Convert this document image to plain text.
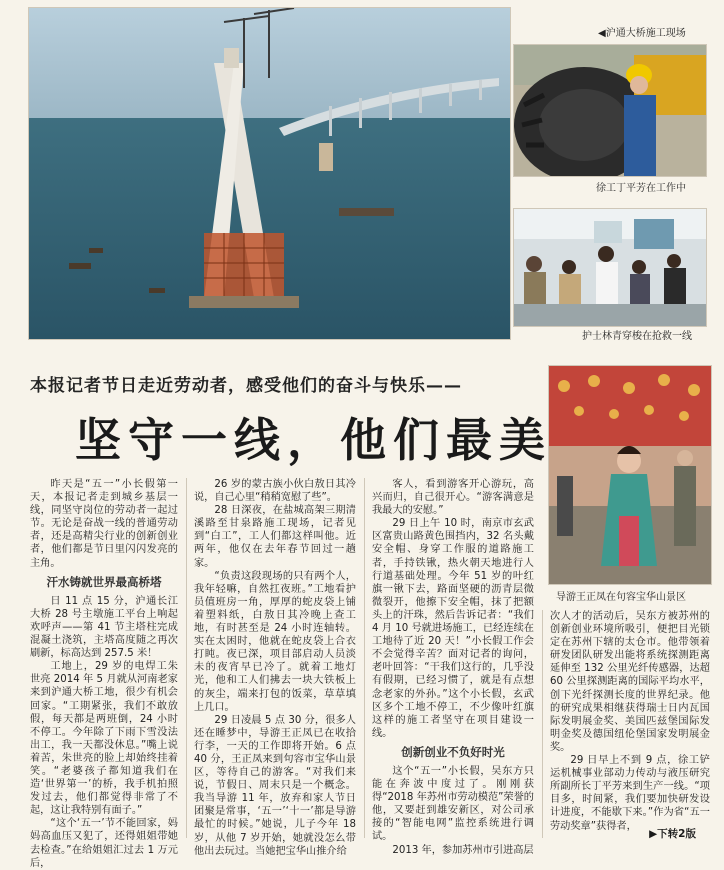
◀沪通大桥施工现场
徐工丁平芳在工作中
护士林青穿梭在抢救一线
导游王正凤在句容宝华山景区
本报记者节日走近劳动者，感受他们的奋斗与快乐——
坚守一线，他们最美

昨天是“五一”小长假第一天，本报记者走到城乡基层一线，同坚守岗位的劳动者一起过节。无论是奋战一线的普通劳动者，还是高精尖行业的创新创业者，他们都是节日里闪闪发亮的主角。

汗水铸就世界最高桥塔

日 11 点 15 分，沪通长江大桥 28 号主墩施工平台上响起欢呼声——第 41 节主塔柱完成混凝土浇筑，主塔高度随之再次刷新，标高达到 257.5 米！

工地上，29 岁的电焊工朱世亮 2014 年 5 月就从河南老家来到沪通大桥工地，很少有机会回家。“工期紧张，我们不敢放假，每天都是两班倒，24 小时不停工。今年除了下雨下雪没法出工，我一天都没休息。”嘴上说着苦，朱世亮的脸上却始终挂着笑。“老婆孩子都知道我们在造‘世界第一’的桥，我手机拍照发过去，他们都觉得非常了不起，这让我特别有面子。”

“这个‘五一’节不能回家，妈妈高血压又犯了，还得姐姐带她去检查。”在给姐姐汇过去 1 万元后，

26 岁的蒙古族小伙白敖日其冷说，自己心里“稍稍宽慰了些”。

28 日深夜，在盐城高架三期清溪路至甘泉路施工现场，记者见到“白工”，工人们都这样叫他。近两年，他仅在去年春节回过一趟家。

“负责这段现场的只有两个人，我年轻嘛，自然扛夜班。”工地看护员值班房一角，厚厚的蛇皮袋上铺着塑料纸，白敖日其冷晚上查工地，有时甚至是 24 小时连轴转。实在太困时，他就在蛇皮袋上合衣打盹。夜已深，项目部启动人员淡未的夜宵早已冷了。就着工地灯光，他和工人们拂去一块大铁板上的灰尘，端来打包的饭菜，草草填上几口。

29 日凌晨 5 点 30 分，很多人还在睡梦中，导游王正凤已在收拾行李，一天的工作即将开始。6 点 40 分，王正凤来到句容市宝华山景区，等待自己的游客。“对我们来说，节假日、周末只是一个概念。我当导游 11 年，放弃和家人节日团聚是常事，‘五一’‘十一’都是导游最忙的时候。”她说，儿子今年 18 岁，从他 7 岁开始，她就没怎么带他出去玩过。当她把宝华山推介给

客人，看到游客开心游玩，高兴而归，自己很开心。“游客满意是我最大的安慰。”

29 日上午 10 时，南京市玄武区富贵山路黄色围挡内，32 名头戴安全帽、身穿工作服的道路施工者，手持铁锹，热火朝天地进行人行道基础处理。今年 51 岁的叶红旗一锹下去，路面坚硬的沥青层微微裂开，他擦下安全帽，抹了把额头上的汗珠，然后告诉记者：“我们 4 月 10 号就进场施工，已经连续在工地待了近 20 天！”小长假工作会不会觉得辛苦？面对记者的询问，老叶回答：“干我们这行的，几乎没有假期，已经习惯了，就是有点想念老家的外孙。”这个小长假，玄武区多个工地不停工，不少像叶红旗这样的施工者坚守在项目建设一线。

创新创业不负好时光

这个“五一”小长假，吴东方只能在奔波中度过了。刚刚获得“2018 年苏州市劳动模范”荣誉的他，又要赶到雄安新区，对公司承接的“智能电网”监控系统进行调试。

2013 年，参加苏州市引进高层

次人才的活动后，吴东方被苏州的创新创业环境所吸引，便把目光锁定在苏州下辖的太仓市。他带领着研发团队研发出能将系统探测距离延伸至 132 公里光纤传感器，达超 60 公里探测距离的国际平均水平，创下光纤探测长度的世界纪录。他的研究成果相继获得瑞士日内瓦国际发明展金奖、美国匹兹堡国际发明金奖及德国纽伦堡国家发明展金奖。

29 日早上不到 9 点，徐工铲运机械事业部动力传动与液压研究所副所长丁平芳来到生产一线。“项目多，时间紧，我们要加快研发设计进度，不能歇下来。”作为省“五一劳动奖章”获得者，

▶下转2版
